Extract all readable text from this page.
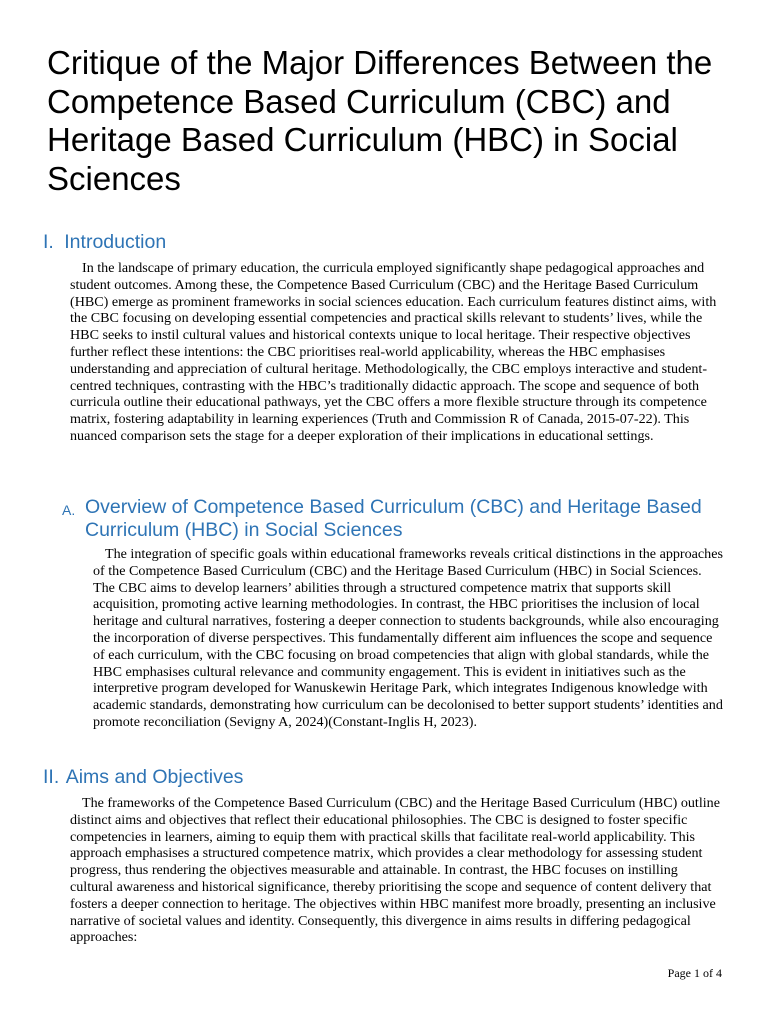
Critique of the Major Differences Between the Competence Based Curriculum (CBC) and Heritage Based Curriculum (HBC) in Social Sciences
I. Introduction

In the landscape of primary education, the curricula employed significantly shape pedagogical approaches and student outcomes. Among these, the Competence Based Curriculum (CBC) and the Heritage Based Curriculum (HBC) emerge as prominent frameworks in social sciences education. Each curriculum features distinct aims, with the CBC focusing on developing essential competencies and practical skills relevant to students’ lives, while the HBC seeks to instil cultural values and historical contexts unique to local heritage. Their respective objectives further reflect these intentions: the CBC prioritises real-world applicability, whereas the HBC emphasises understanding and appreciation of cultural heritage. Methodologically, the CBC employs interactive and student-centred techniques, contrasting with the HBC’s traditionally didactic approach. The scope and sequence of both curricula outline their educational pathways, yet the CBC offers a more flexible structure through its competence matrix, fostering adaptability in learning experiences (Truth and Commission R of Canada, 2015-07-22). This nuanced comparison sets the stage for a deeper exploration of their implications in educational settings.

A. Overview of Competence Based Curriculum (CBC) and Heritage Based Curriculum (HBC) in Social Sciences

The integration of specific goals within educational frameworks reveals critical distinctions in the approaches of the Competence Based Curriculum (CBC) and the Heritage Based Curriculum (HBC) in Social Sciences. The CBC aims to develop learners’ abilities through a structured competence matrix that supports skill acquisition, promoting active learning methodologies. In contrast, the HBC prioritises the inclusion of local heritage and cultural narratives, fostering a deeper connection to students backgrounds, while also encouraging the incorporation of diverse perspectives. This fundamentally different aim influences the scope and sequence of each curriculum, with the CBC focusing on broad competencies that align with global standards, while the HBC emphasises cultural relevance and community engagement. This is evident in initiatives such as the interpretive program developed for Wanuskewin Heritage Park, which integrates Indigenous knowledge with academic standards, demonstrating how curriculum can be decolonised to better support students’ identities and promote reconciliation (Sevigny A, 2024)(Constant-Inglis H, 2023).

II. Aims and Objectives

The frameworks of the Competence Based Curriculum (CBC) and the Heritage Based Curriculum (HBC) outline distinct aims and objectives that reflect their educational philosophies. The CBC is designed to foster specific competencies in learners, aiming to equip them with practical skills that facilitate real-world applicability. This approach emphasises a structured competence matrix, which provides a clear methodology for assessing student progress, thus rendering the objectives measurable and attainable. In contrast, the HBC focuses on instilling cultural awareness and historical significance, thereby prioritising the scope and sequence of content delivery that fosters a deeper connection to heritage. The objectives within HBC manifest more broadly, presenting an inclusive narrative of societal values and identity. Consequently, this divergence in aims results in differing pedagogical approaches:

Page 1 of 4
